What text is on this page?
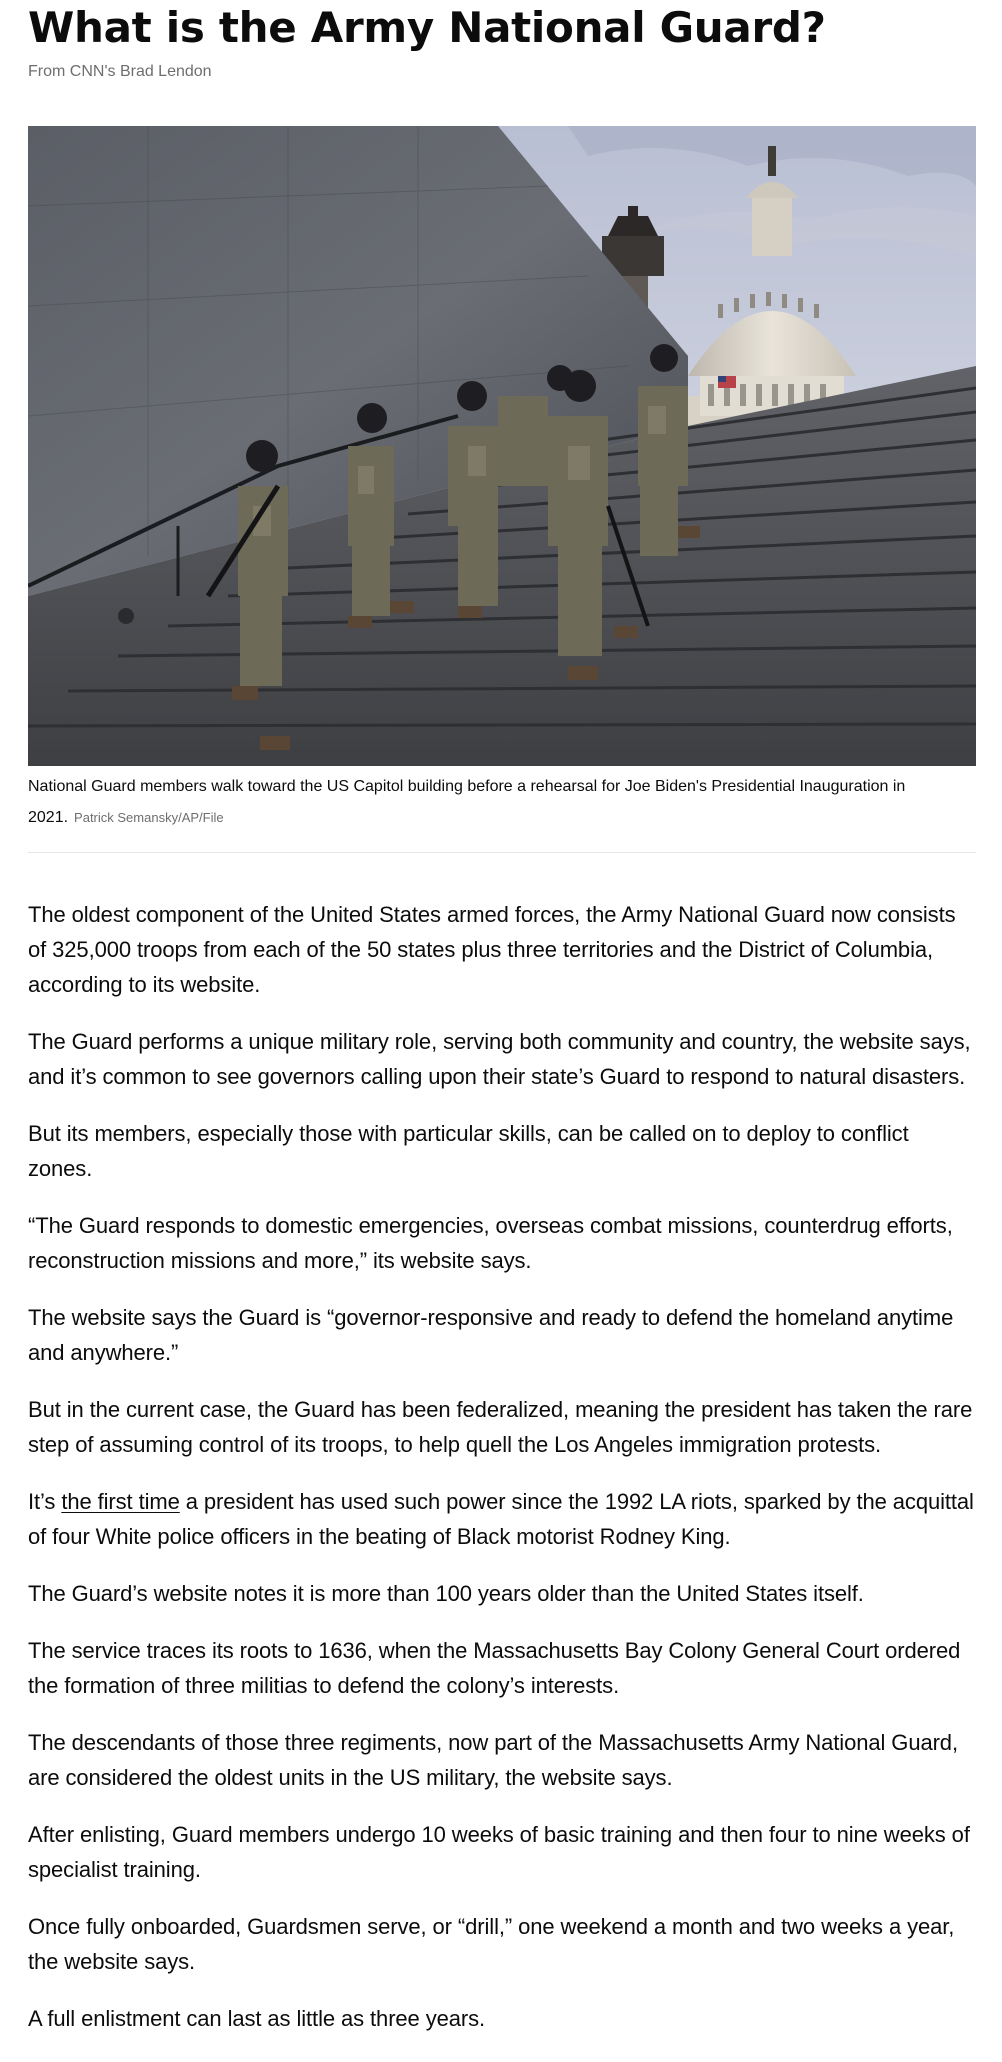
What is the Army National Guard?
From CNN's Brad Lendon
National Guard members walk toward the US Capitol building before a rehearsal for Joe Biden's Presidential Inauguration in 2021. Patrick Semansky/AP/File

The oldest component of the United States armed forces, the Army National Guard now consists of 325,000 troops from each of the 50 states plus three territories and the District of Columbia, according to its website.

The Guard performs a unique military role, serving both community and country, the website says, and it’s common to see governors calling upon their state’s Guard to respond to natural disasters.

But its members, especially those with particular skills, can be called on to deploy to conflict zones.

“The Guard responds to domestic emergencies, overseas combat missions, counterdrug efforts, reconstruction missions and more,” its website says.

The website says the Guard is “governor-responsive and ready to defend the homeland anytime and anywhere.”

But in the current case, the Guard has been federalized, meaning the president has taken the rare step of assuming control of its troops, to help quell the Los Angeles immigration protests.

It’s the first time a president has used such power since the 1992 LA riots, sparked by the acquittal of four White police officers in the beating of Black motorist Rodney King.

The Guard’s website notes it is more than 100 years older than the United States itself.

The service traces its roots to 1636, when the Massachusetts Bay Colony General Court ordered the formation of three militias to defend the colony’s interests.

The descendants of those three regiments, now part of the Massachusetts Army National Guard, are considered the oldest units in the US military, the website says.

After enlisting, Guard members undergo 10 weeks of basic training and then four to nine weeks of specialist training.

Once fully onboarded, Guardsmen serve, or “drill,” one weekend a month and two weeks a year, the website says.

A full enlistment can last as little as three years.
